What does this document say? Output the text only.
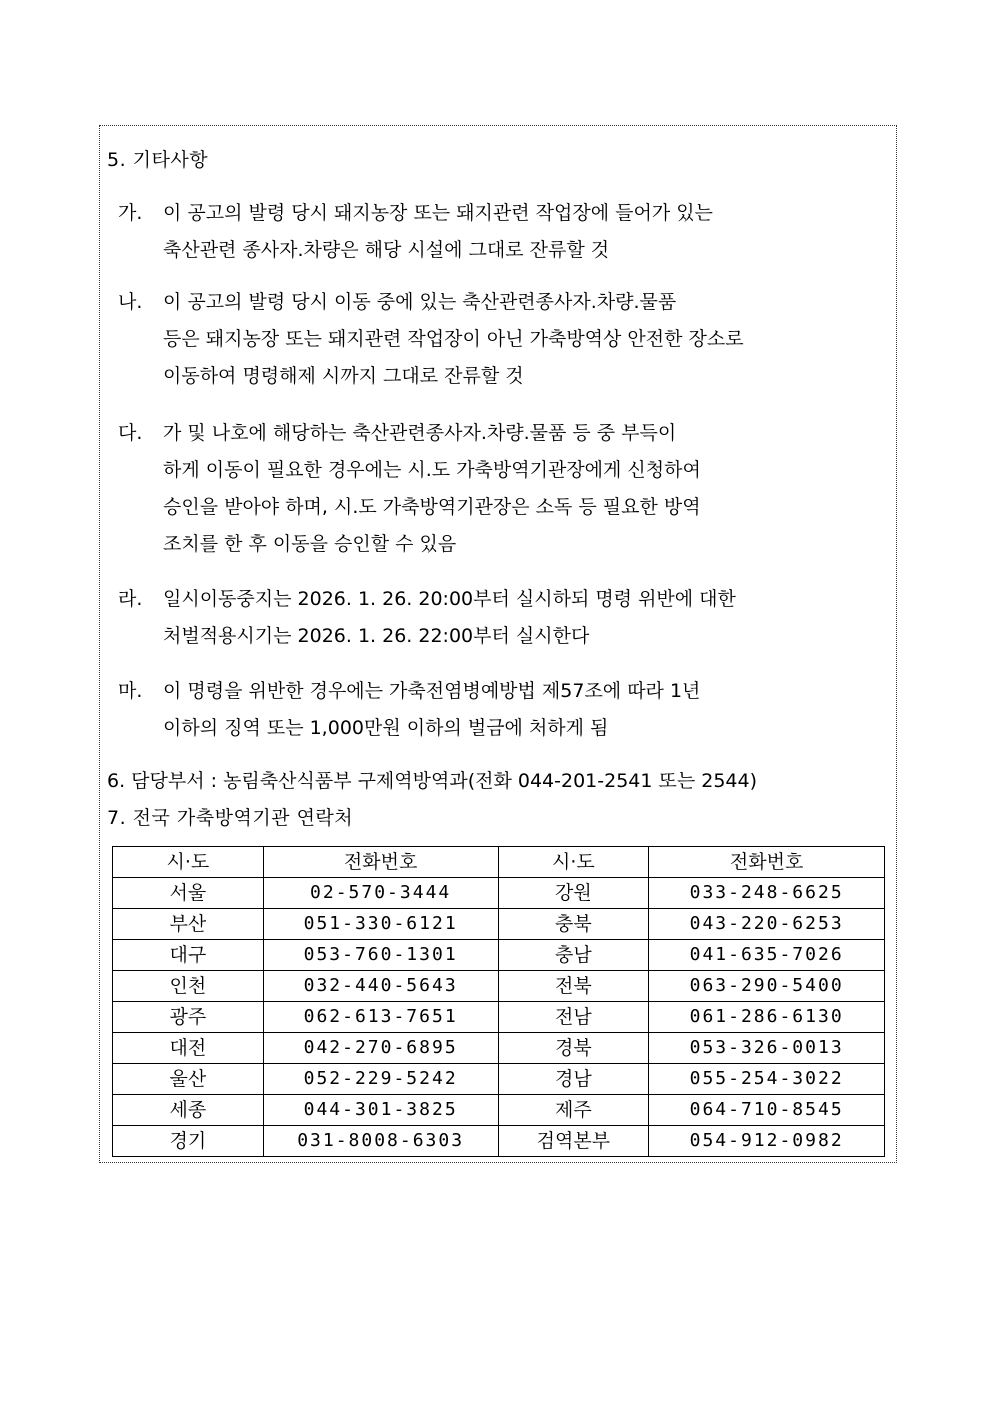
5. 기타사항
가. 이 공고의 발령 당시 돼지농장 또는 돼지관련 작업장에 들어가 있는
축산관련 종사자.차량은 해당 시설에 그대로 잔류할 것
나. 이 공고의 발령 당시 이동 중에 있는 축산관련종사자.차량.물품
등은 돼지농장 또는 돼지관련 작업장이 아닌 가축방역상 안전한 장소로
이동하여 명령해제 시까지 그대로 잔류할 것
다. 가 및 나호에 해당하는 축산관련종사자.차량.물품 등 중 부득이
하게 이동이 필요한 경우에는 시.도 가축방역기관장에게 신청하여
승인을 받아야 하며, 시.도 가축방역기관장은 소독 등 필요한 방역
조치를 한 후 이동을 승인할 수 있음
라. 일시이동중지는 2026. 1. 26. 20:00부터 실시하되 명령 위반에 대한
처벌적용시기는 2026. 1. 26. 22:00부터 실시한다
마. 이 명령을 위반한 경우에는 가축전염병예방법 제57조에 따라 1년
이하의 징역 또는 1,000만원 이하의 벌금에 처하게 됨
6. 담당부서 : 농림축산식품부 구제역방역과(전화 044-201-2541 또는 2544)
7. 전국 가축방역기관 연락처
시·도	전화번호	시·도	전화번호
서울	02-570-3444	강원	033-248-6625
부산	051-330-6121	충북	043-220-6253
대구	053-760-1301	충남	041-635-7026
인천	032-440-5643	전북	063-290-5400
광주	062-613-7651	전남	061-286-6130
대전	042-270-6895	경북	053-326-0013
울산	052-229-5242	경남	055-254-3022
세종	044-301-3825	제주	064-710-8545
경기	031-8008-6303	검역본부	054-912-0982
